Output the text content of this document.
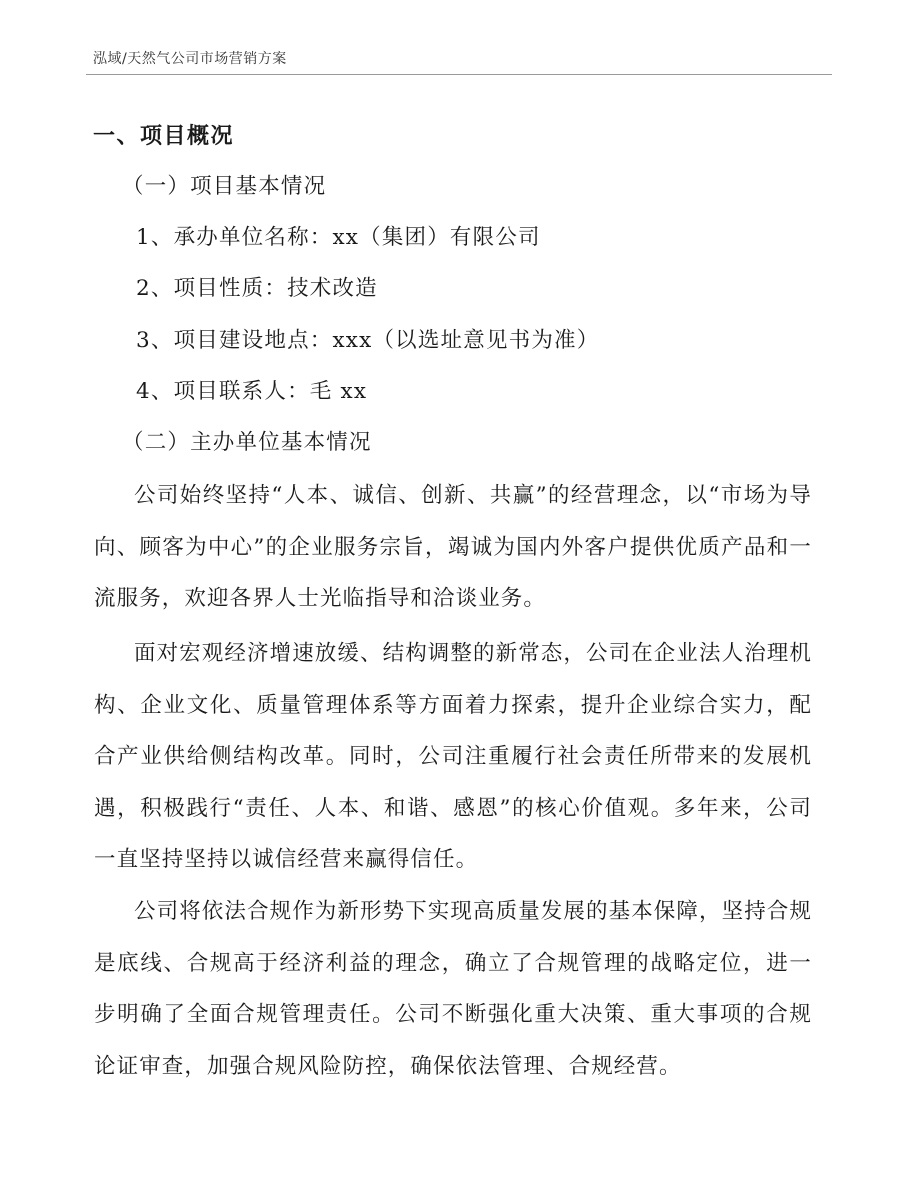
泓域/天然气公司市场营销方案
一、项目概况
（一）项目基本情况
1、承办单位名称：xx（集团）有限公司
2、项目性质：技术改造
3、项目建设地点：xxx（以选址意见书为准）
4、项目联系人：毛 xx
（二）主办单位基本情况
公司始终坚持“人本、诚信、创新、共赢”的经营理念，以“市场为导向、顾客为中心”的企业服务宗旨，竭诚为国内外客户提供优质产品和一流服务，欢迎各界人士光临指导和洽谈业务。
面对宏观经济增速放缓、结构调整的新常态，公司在企业法人治理机构、企业文化、质量管理体系等方面着力探索，提升企业综合实力，配合产业供给侧结构改革。同时，公司注重履行社会责任所带来的发展机遇，积极践行“责任、人本、和谐、感恩”的核心价值观。多年来，公司一直坚持坚持以诚信经营来赢得信任。
公司将依法合规作为新形势下实现高质量发展的基本保障，坚持合规是底线、合规高于经济利益的理念，确立了合规管理的战略定位，进一步明确了全面合规管理责任。公司不断强化重大决策、重大事项的合规论证审查，加强合规风险防控，确保依法管理、合规经营。
